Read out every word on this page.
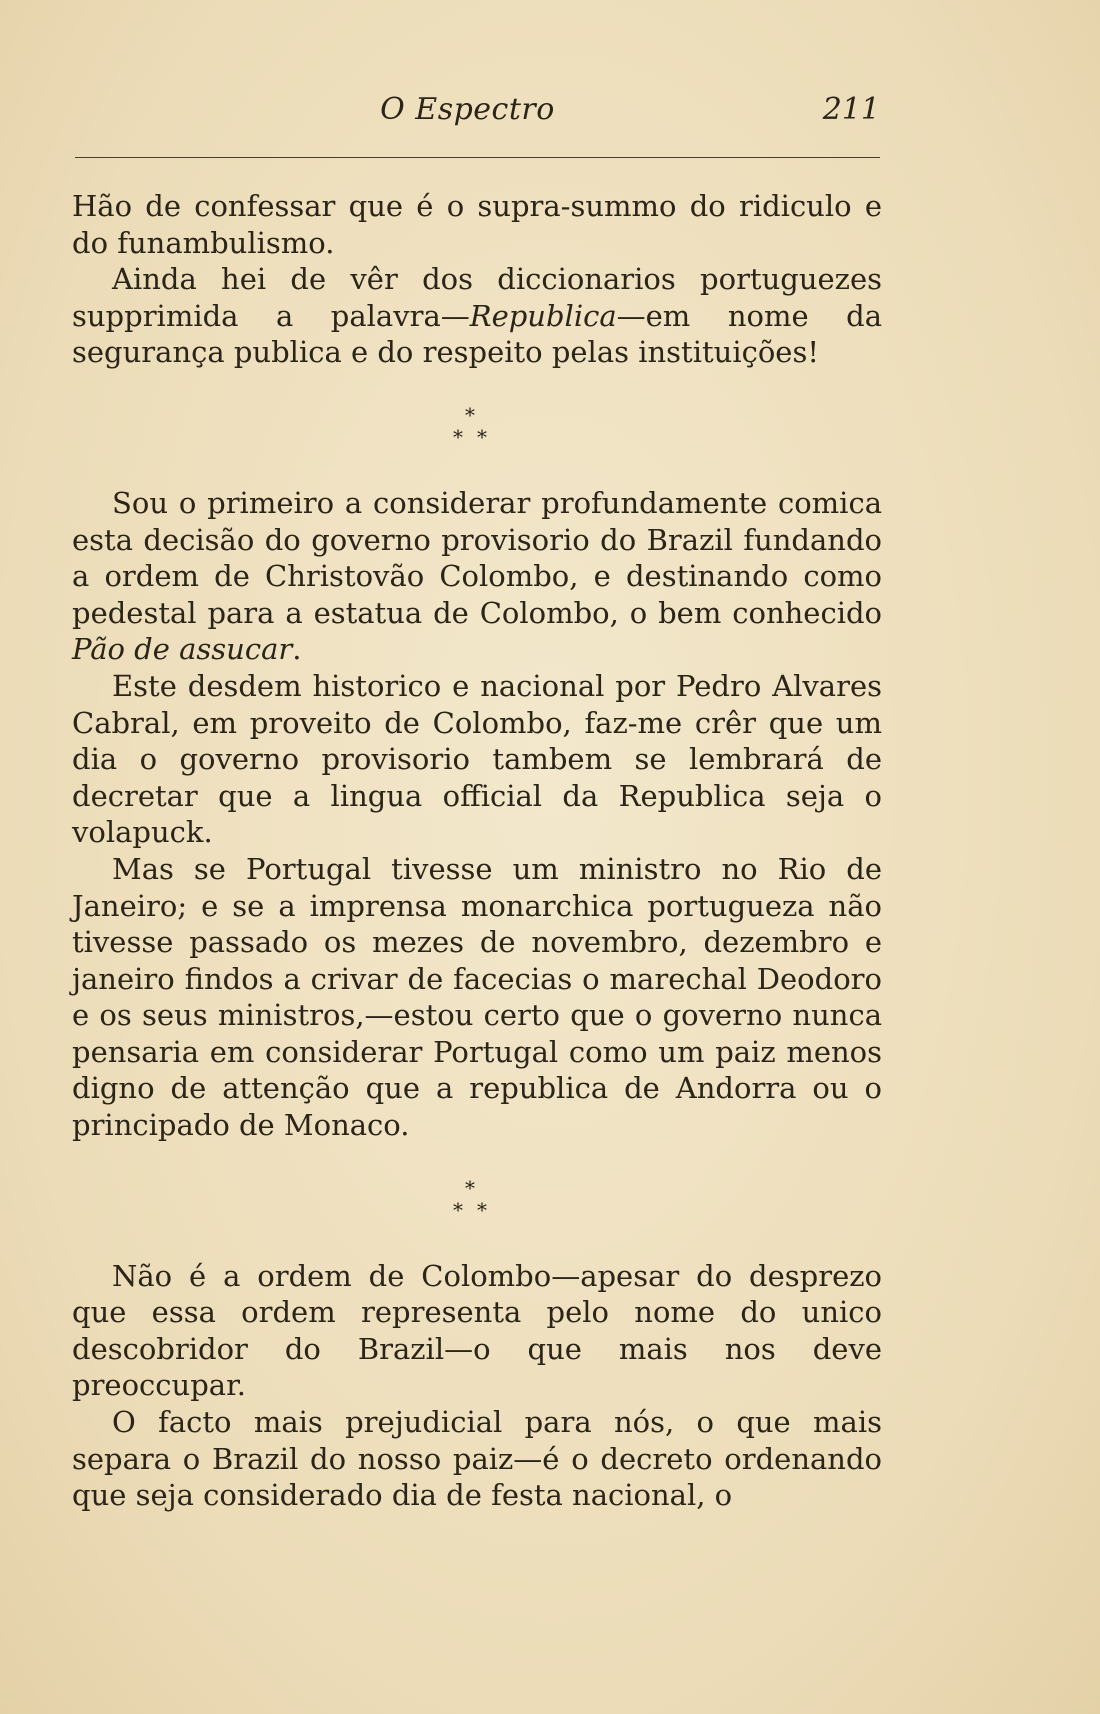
O Espectro	211

Hão de confessar que é o supra-summo do ridiculo e do funambulismo.

Ainda hei de vêr dos diccionarios portuguezes supprimida a palavra—Republica—em nome da segurança publica e do respeito pelas instituições!

*
**

Sou o primeiro a considerar profundamente comica esta decisão do governo provisorio do Brazil fundando a ordem de Christovão Colombo, e destinando como pedestal para a estatua de Colombo, o bem conhecido Pão de assucar.

Este desdem historico e nacional por Pedro Alvares Cabral, em proveito de Colombo, faz-me crêr que um dia o governo provisorio tambem se lembrará de decretar que a lingua official da Republica seja o volapuck.

Mas se Portugal tivesse um ministro no Rio de Janeiro; e se a imprensa monarchica portugueza não tivesse passado os mezes de novembro, dezembro e janeiro findos a crivar de facecias o marechal Deodoro e os seus ministros,—estou certo que o governo nunca pensaria em considerar Portugal como um paiz menos digno de attenção que a republica de Andorra ou o principado de Monaco.

*
**

Não é a ordem de Colombo—apesar do desprezo que essa ordem representa pelo nome do unico descobridor do Brazil—o que mais nos deve preoccupar.

O facto mais prejudicial para nós, o que mais separa o Brazil do nosso paiz—é o decreto ordenando que seja considerado dia de festa nacional, o
